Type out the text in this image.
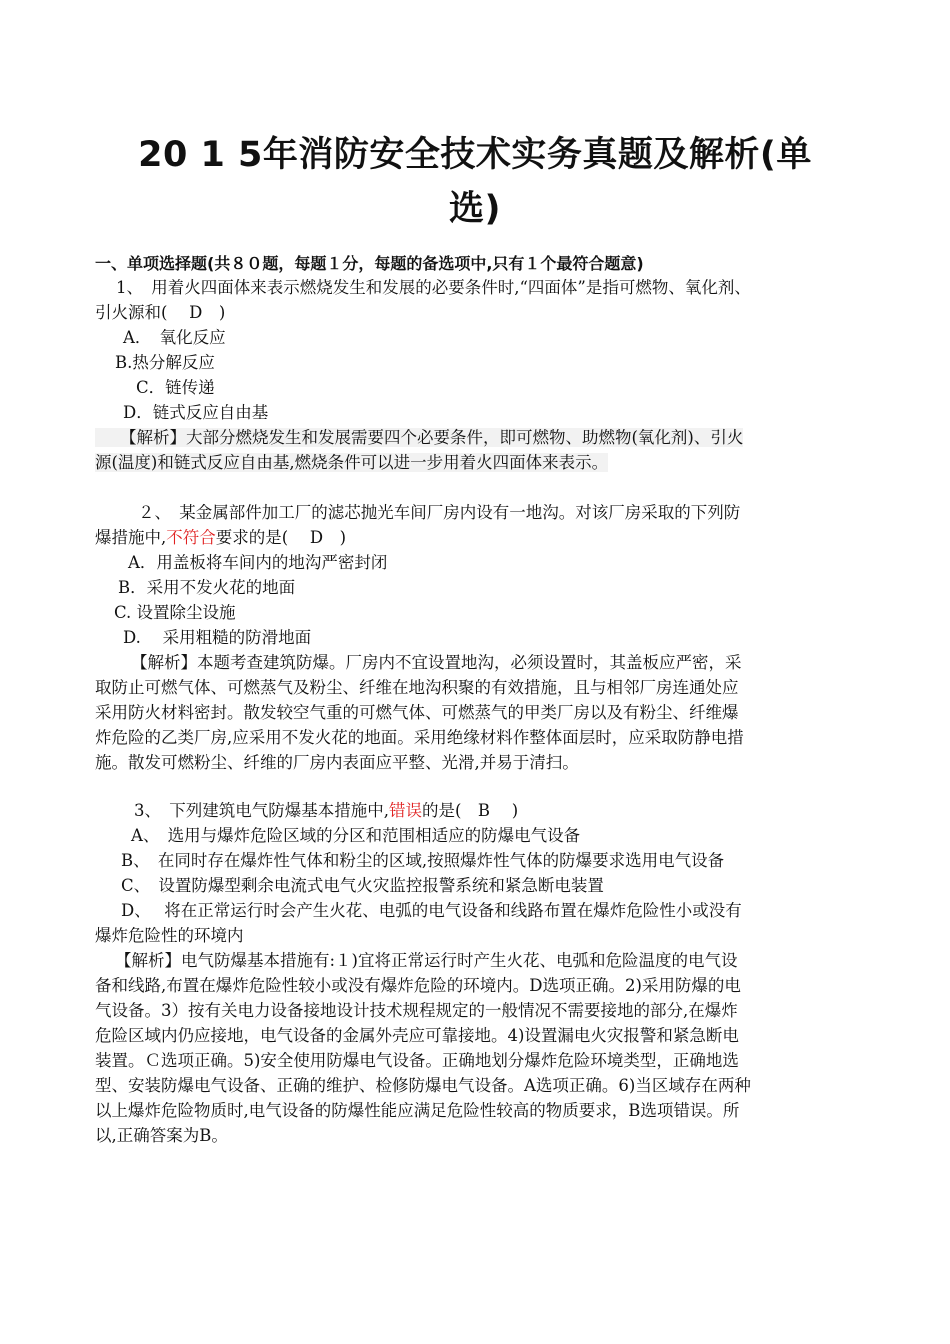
20 1 5年消防安全技术实务真题及解析(单
选)
一、单项选择题(共８０题，每题１分，每题的备选项中,只有１个最符合题意)
1、　用着火四面体来表示燃烧发生和发展的必要条件时,“四面体”是指可燃物、氧化剂、
引火源和(　 D　)
A．　氧化反应
B.热分解反应
C．链传递
D．链式反应自由基
【解析】大部分燃烧发生和发展需要四个必要条件，即可燃物、助燃物(氧化剂)、引火
源(温度)和链式反应自由基,燃烧条件可以进一步用着火四面体来表示。
２、　某金属部件加工厂的滤芯抛光车间厂房内设有一地沟。对该厂房采取的下列防
爆措施中,不符合要求的是(　 D　)
A．用盖板将车间内的地沟严密封闭
B．采用不发火花的地面
C. 设置除尘设施
D.　 采用粗糙的防滑地面
【解析】本题考查建筑防爆。厂房内不宜设置地沟，必须设置时，其盖板应严密，采
取防止可燃气体、可燃蒸气及粉尘、纤维在地沟积聚的有效措施，且与相邻厂房连通处应
采用防火材料密封。散发较空气重的可燃气体、可燃蒸气的甲类厂房以及有粉尘、纤维爆
炸危险的乙类厂房,应采用不发火花的地面。采用绝缘材料作整体面层时，应采取防静电措
施。散发可燃粉尘、纤维的厂房内表面应平整、光滑,并易于清扫。
3、　下列建筑电气防爆基本措施中,错误的是(　B　 )
A、　选用与爆炸危险区域的分区和范围相适应的防爆电气设备
B、　在同时存在爆炸性气体和粉尘的区域,按照爆炸性气体的防爆要求选用电气设备
C、　设置防爆型剩余电流式电气火灾监控报警系统和紧急断电装置
D、　 将在正常运行时会产生火花、电弧的电气设备和线路布置在爆炸危险性小或没有
爆炸危险性的环境内
【解析】电气防爆基本措施有:１)宜将正常运行时产生火花、电弧和危险温度的电气设
备和线路,布置在爆炸危险性较小或没有爆炸危险的环境内。D选项正确。2)采用防爆的电
气设备。3）按有关电力设备接地设计技术规程规定的一般情况不需要接地的部分,在爆炸
危险区域内仍应接地，电气设备的金属外壳应可靠接地。4)设置漏电火灾报警和紧急断电
装置。Ｃ选项正确。5)安全使用防爆电气设备。正确地划分爆炸危险环境类型，正确地选
型、安装防爆电气设备、正确的维护、检修防爆电气设备。A选项正确。6)当区域存在两种
以上爆炸危险物质时,电气设备的防爆性能应满足危险性较高的物质要求，B选项错误。所
以,正确答案为B。
